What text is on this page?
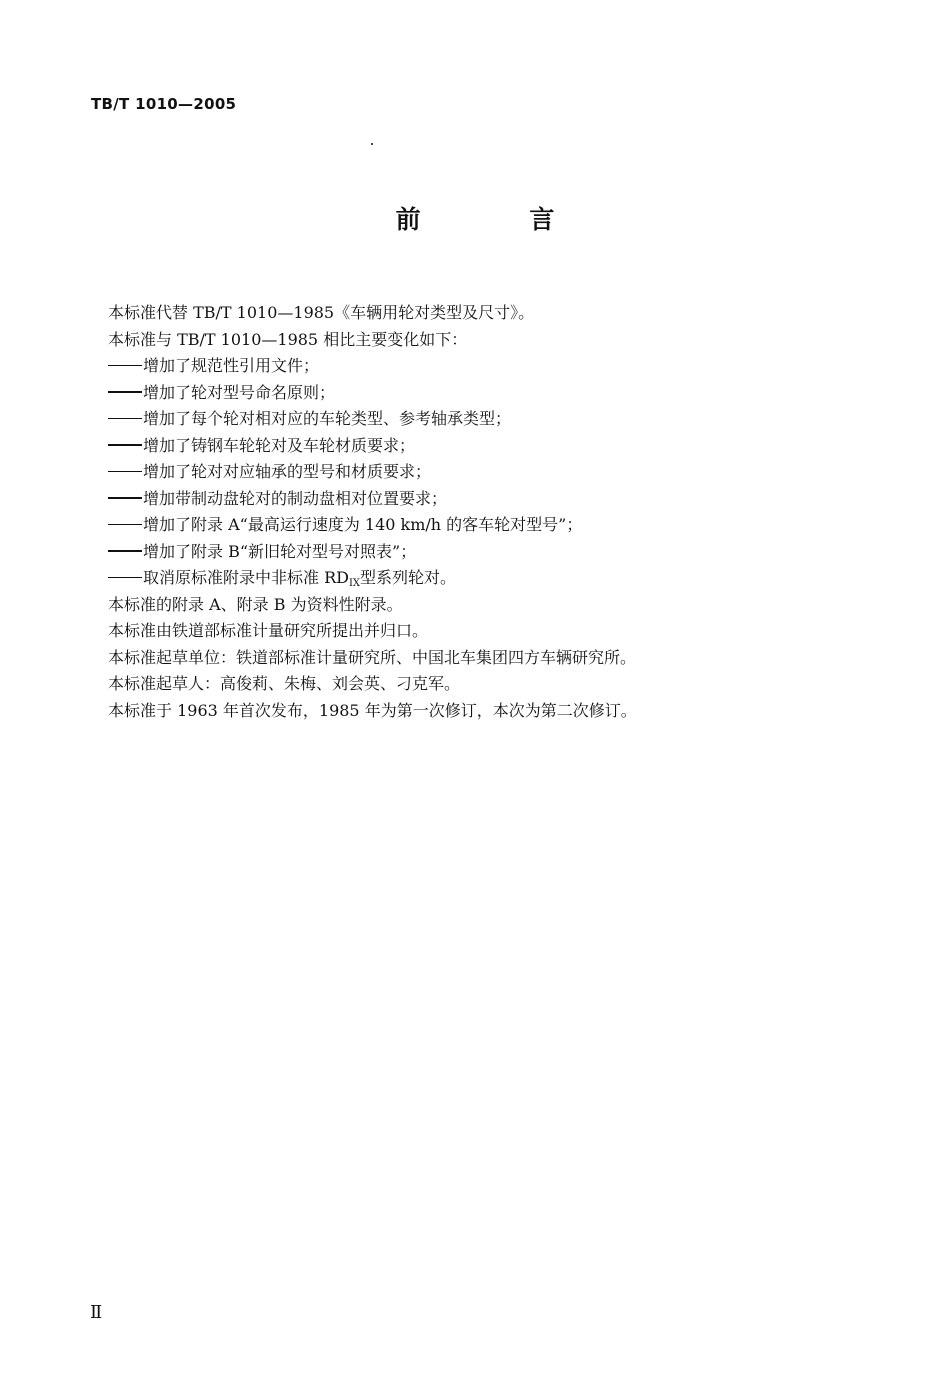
TB/T 1010—2005
前 言
本标准代替 TB/T 1010—1985《车辆用轮对类型及尺寸》。
本标准与 TB/T 1010—1985 相比主要变化如下：
增加了规范性引用文件；
增加了轮对型号命名原则；
增加了每个轮对相对应的车轮类型、参考轴承类型；
增加了铸钢车轮轮对及车轮材质要求；
增加了轮对对应轴承的型号和材质要求；
增加带制动盘轮对的制动盘相对位置要求；
增加了附录 A“最高运行速度为 140 km/h 的客车轮对型号”；
增加了附录 B“新旧轮对型号对照表”；
取消原标准附录中非标准 $RD_{IX}$型系列轮对。
本标准的附录 A、附录 B 为资料性附录。
本标准由铁道部标准计量研究所提出并归口。
本标准起草单位：铁道部标准计量研究所、中国北车集团四方车辆研究所。
本标准起草人：高俊莉、朱梅、刘会英、刁克军。
本标准于 1963 年首次发布，1985 年为第一次修订，本次为第二次修订。
Ⅱ
